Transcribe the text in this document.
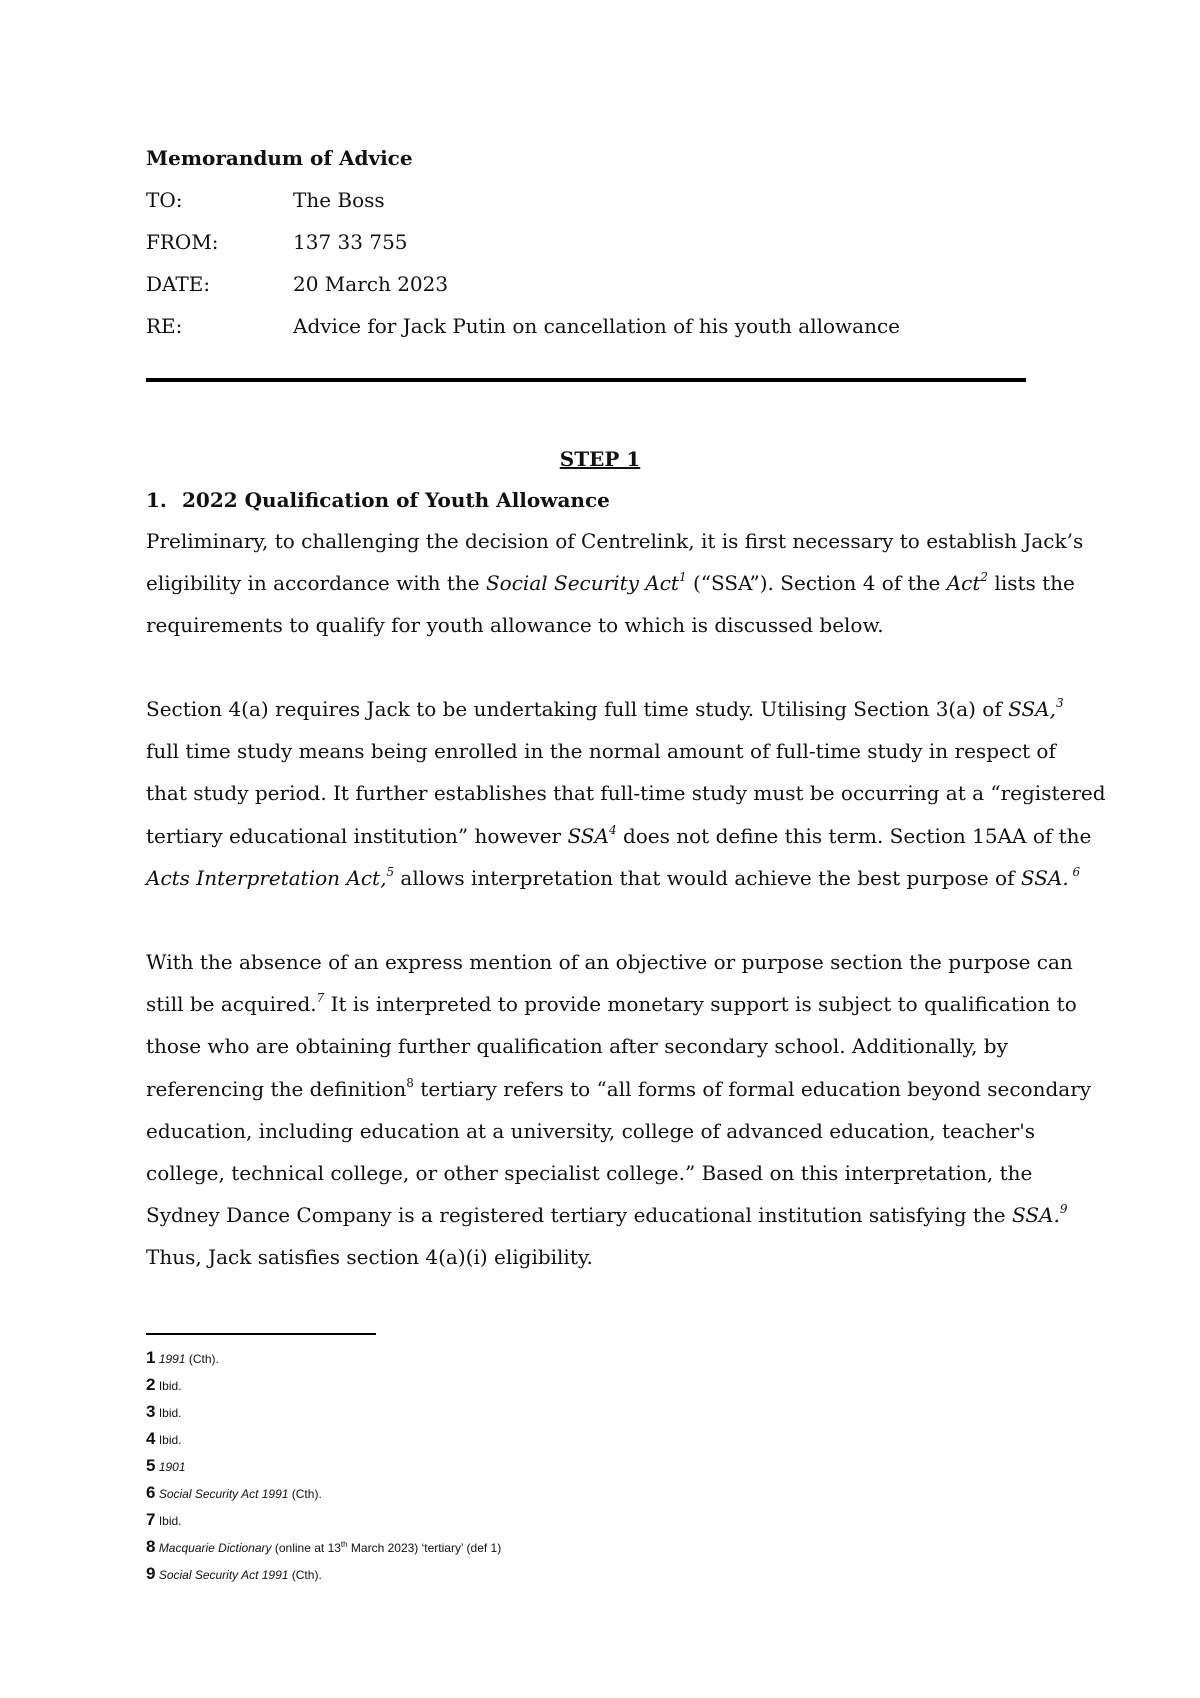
Memorandum of Advice
TO:	The Boss
FROM:	137 33 755
DATE:	20 March 2023
RE:	Advice for Jack Putin on cancellation of his youth allowance
STEP 1
1. 2022 Qualification of Youth Allowance
Preliminary, to challenging the decision of Centrelink, it is first necessary to establish Jack’s
eligibility in accordance with the Social Security Act$^1$ (“SSA”). Section 4 of the Act$^2$ lists the
requirements to qualify for youth allowance to which is discussed below.
Section 4(a) requires Jack to be undertaking full time study. Utilising Section 3(a) of SSA,$^3$
full time study means being enrolled in the normal amount of full-time study in respect of
that study period. It further establishes that full-time study must be occurring at a “registered
tertiary educational institution” however SSA$^4$ does not define this term. Section 15AA of the
Acts Interpretation Act,$^5$ allows interpretation that would achieve the best purpose of SSA. $^6$
With the absence of an express mention of an objective or purpose section the purpose can
still be acquired.$^7$ It is interpreted to provide monetary support is subject to qualification to
those who are obtaining further qualification after secondary school. Additionally, by
referencing the definition$^8$ tertiary refers to “all forms of formal education beyond secondary
education, including education at a university, college of advanced education, teacher's
college, technical college, or other specialist college.” Based on this interpretation, the
Sydney Dance Company is a registered tertiary educational institution satisfying the SSA.$^9$
Thus, Jack satisfies section 4(a)(i) eligibility.
1 1991 (Cth).
2 Ibid.
3 Ibid.
4 Ibid.
5 1901
6 Social Security Act 1991 (Cth).
7 Ibid.
8 Macquarie Dictionary (online at 13th March 2023) ‘tertiary’ (def 1)
9 Social Security Act 1991 (Cth).
